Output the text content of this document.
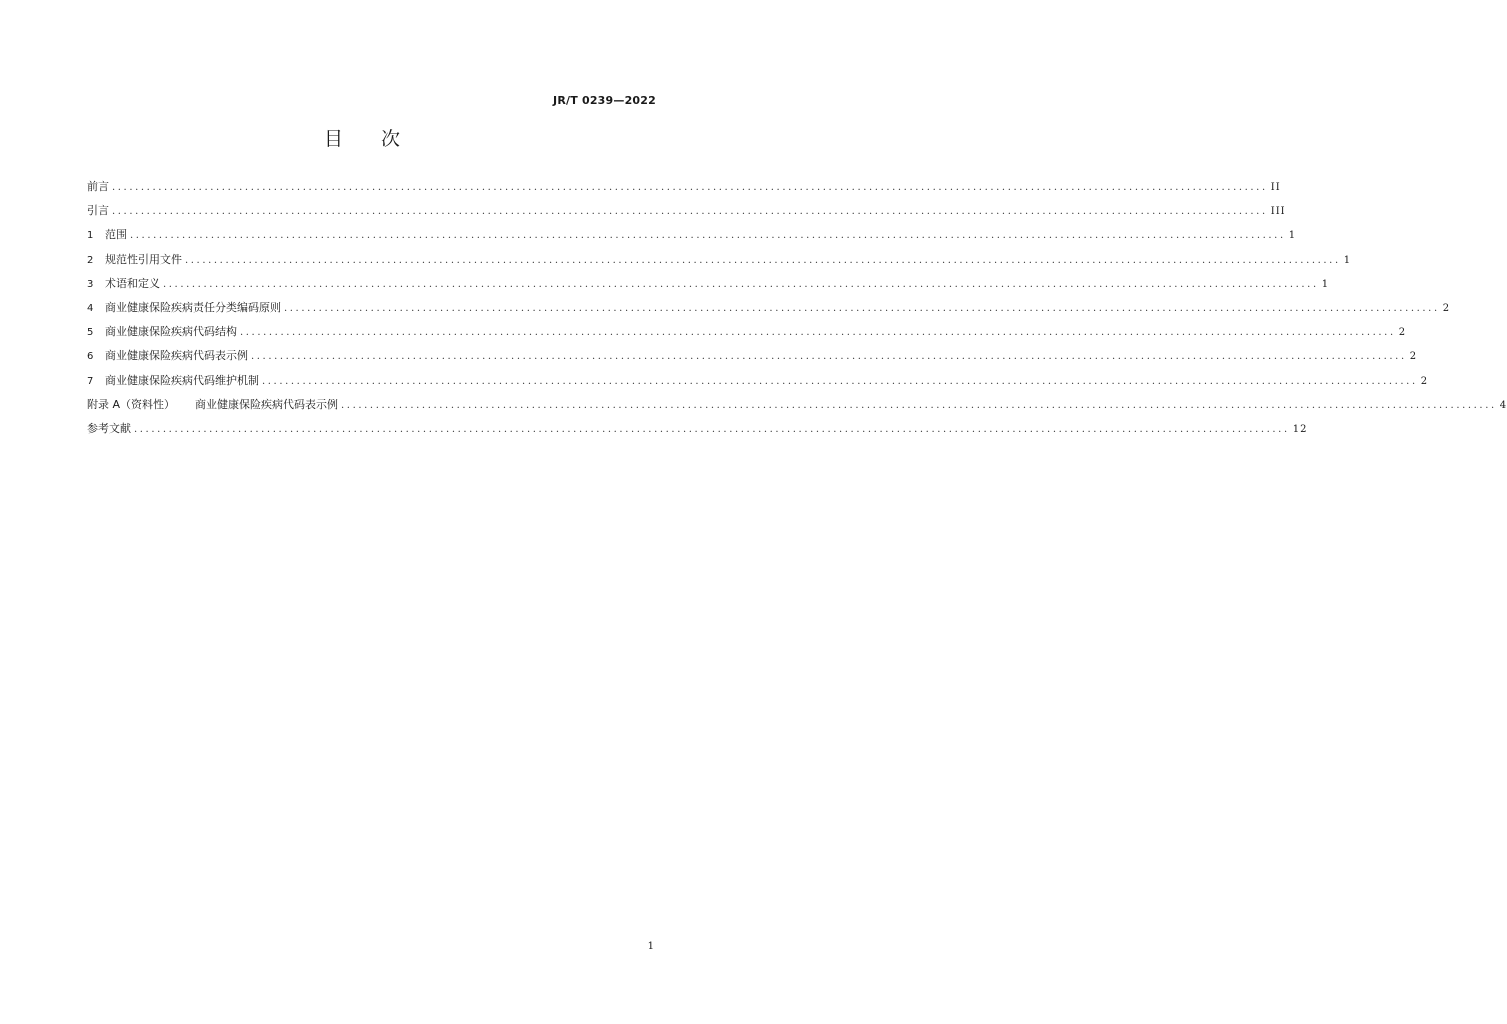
JR/T 0239—2022
目 次
前言 ........................................................................................................................................................................................................ II
引言 ........................................................................................................................................................................................................ III
1	范围 ........................................................................................................................................................................................................ 1
2	规范性引用文件 ........................................................................................................................................................................................................ 1
3	术语和定义 ........................................................................................................................................................................................................ 1
4	商业健康保险疾病责任分类编码原则 ........................................................................................................................................................................................................ 2
5	商业健康保险疾病代码结构 ........................................................................................................................................................................................................ 2
6	商业健康保险疾病代码表示例 ........................................................................................................................................................................................................ 2
7	商业健康保险疾病代码维护机制 ........................................................................................................................................................................................................ 2
附录 A（资料性） 商业健康保险疾病代码表示例 ........................................................................................................................................................................................................ 4
参考文献 ........................................................................................................................................................................................................ 12
1
